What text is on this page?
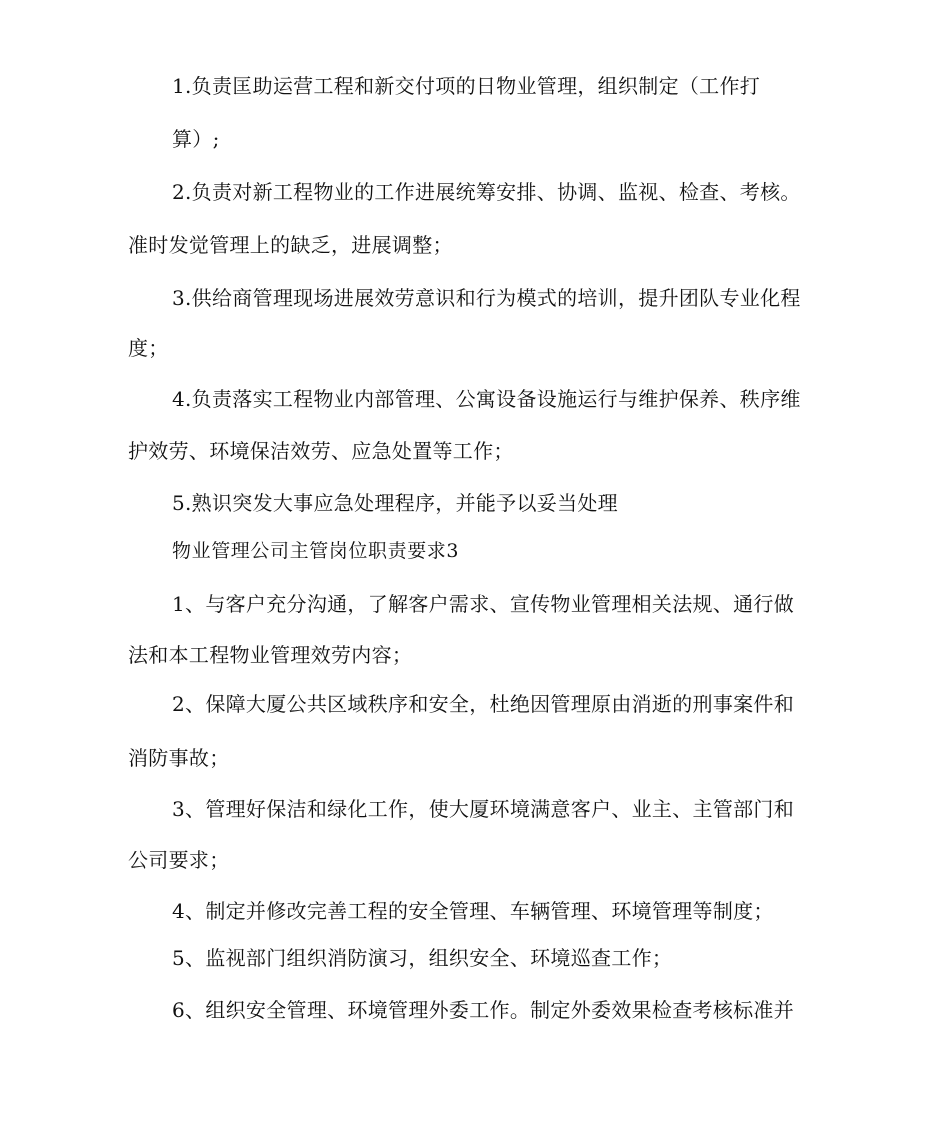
1.负责匡助运营工程和新交付项的日物业管理，组织制定（工作打

算）;

2.负责对新工程物业的工作进展统筹安排、协调、监视、检查、考核。

准时发觉管理上的缺乏，进展调整；

3.供给商管理现场进展效劳意识和行为模式的培训，提升团队专业化程

度；

4.负责落实工程物业内部管理、公寓设备设施运行与维护保养、秩序维

护效劳、环境保洁效劳、应急处置等工作；

5.熟识突发大事应急处理程序，并能予以妥当处理

物业管理公司主管岗位职责要求3

1、与客户充分沟通，了解客户需求、宣传物业管理相关法规、通行做

法和本工程物业管理效劳内容；

2、保障大厦公共区域秩序和安全，杜绝因管理原由消逝的刑事案件和

消防事故；

3、管理好保洁和绿化工作，使大厦环境满意客户、业主、主管部门和

公司要求；

4、制定并修改完善工程的安全管理、车辆管理、环境管理等制度；

5、监视部门组织消防演习，组织安全、环境巡查工作；

6、组织安全管理、环境管理外委工作。制定外委效果检查考核标准并
